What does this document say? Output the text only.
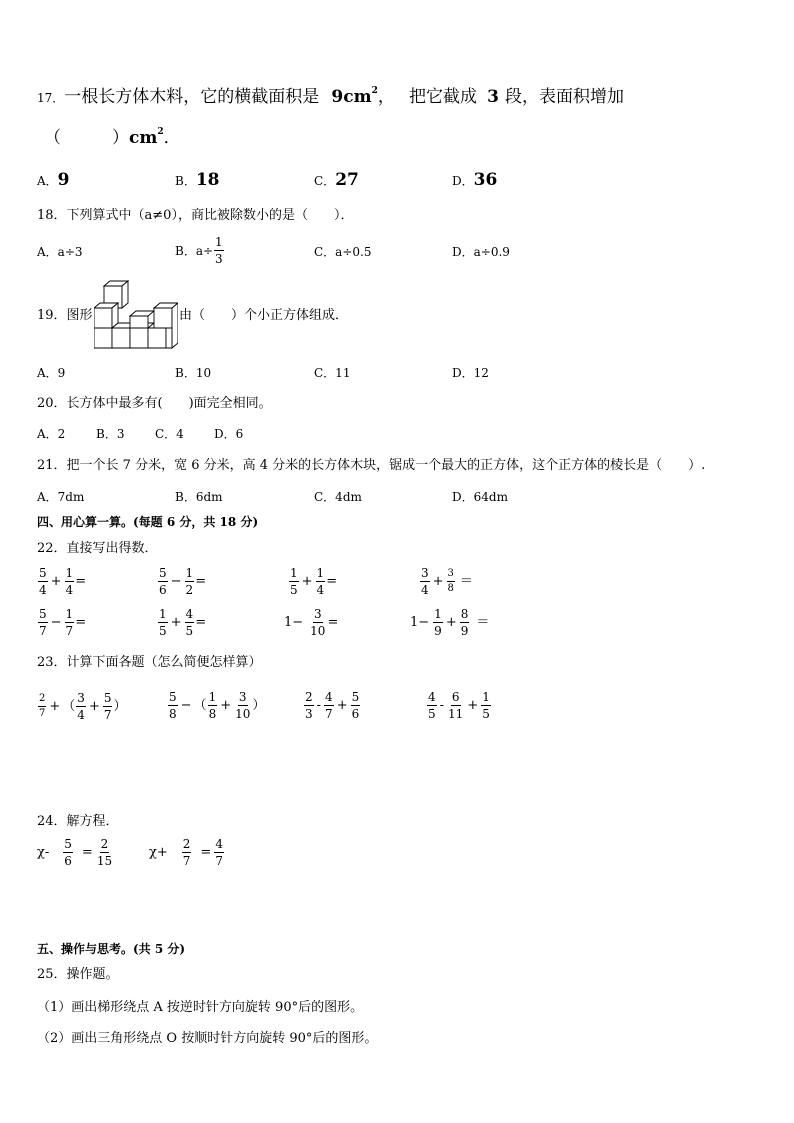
17．一根长方体木料，它的横截面积是 $9cm^2$， 把它截成 3 段，表面积增加
（　　　）$cm^2$．
A．9	B．18	C．27	D．36
18．下列算式中（a≠0），商比被除数小的是（　　）．
A．a÷3	B．$a\div \frac{1}{3}$	C．a÷0.5	D．a÷0.9
19．图形	由（　　）个小正方体组成．
A．9	B．10	C．11	D．12
20．长方体中最多有(　　)面完全相同。
A．2	B．3	C．4	D．6
21．把一个长 7 分米，宽 6 分米，高 4 分米的长方体木块，锯成一个最大的正方体，这个正方体的棱长是（　　）.
A．7dm	B．6dm	C．4dm	D．64dm
四、用心算一算。(每题 6 分，共 18 分)
22．直接写出得数．
$\frac{5}{4} + \frac{1}{4}$ =	$\frac{5}{6} - \frac{1}{2}$ =	$\frac{1}{5} + \frac{1}{4}$ =	$\frac{3}{4} + \frac{3}{8}$ ＝
$\frac{5}{7} - \frac{1}{7}$ =	$\frac{1}{5} + \frac{4}{5}$ =	$1- \frac{3}{10}$ =	$1- \frac{1}{9} + \frac{8}{9}$ ＝
23．计算下面各题（怎么简便怎样算）
$\frac{2}{7}$ + （ $\frac{3}{4} + \frac{5}{7}$ ）	$\frac{5}{8}$ − （ $\frac{1}{8} + \frac{3}{10}$ ）	$\frac{2}{3} - \frac{4}{7} + \frac{5}{6}$	$\frac{4}{5} - \frac{6}{11} + \frac{1}{5}$
24．解方程．
$\chi- \frac{5}{6} = \frac{2}{15}$	$\chi+ \frac{2}{7} = \frac{4}{7}$
五、操作与思考。(共 5 分)
25．操作题。
（1）画出梯形绕点 A 按逆时针方向旋转 90°后的图形。
（2）画出三角形绕点 O 按顺时针方向旋转 90°后的图形。
